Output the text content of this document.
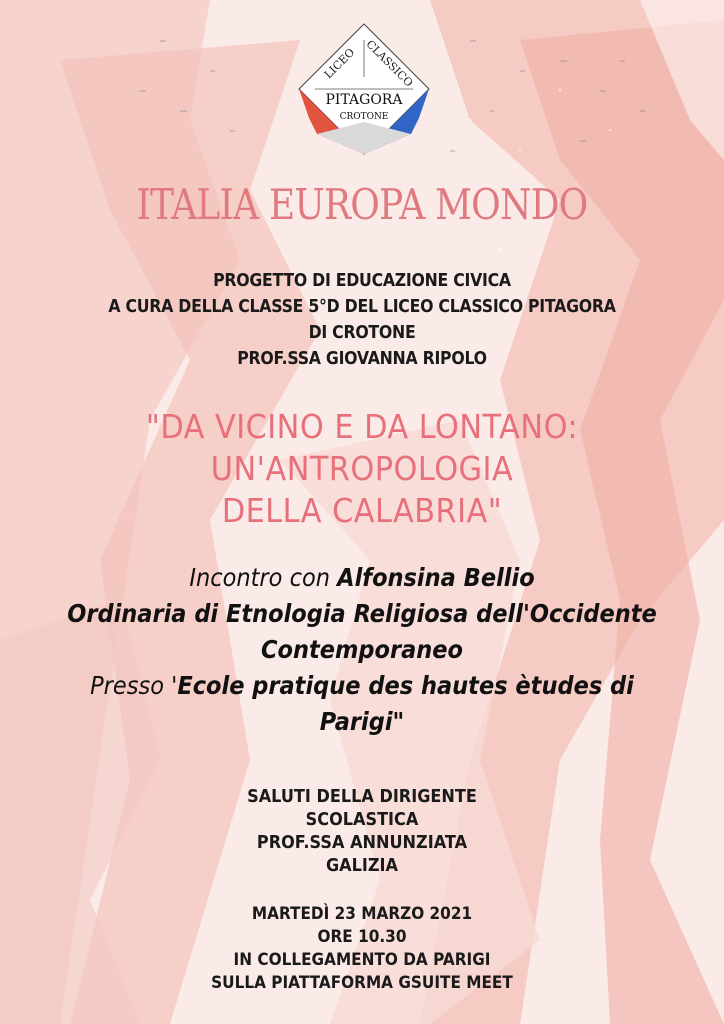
LICEO CLASSICO
PITAGORA
CROTONE
ITALIA EUROPA MONDO
PROGETTO DI EDUCAZIONE CIVICA
A CURA DELLA CLASSE 5°D DEL LICEO CLASSICO PITAGORA
DI CROTONE
PROF.SSA GIOVANNA RIPOLO
"DA VICINO E DA LONTANO:
UN'ANTROPOLOGIA
DELLA CALABRIA"
Incontro con Alfonsina Bellio
Ordinaria di Etnologia Religiosa dell'Occidente
Contemporaneo
Presso 'Ecole pratique des hautes ètudes di
Parigi"
SALUTI DELLA DIRIGENTE
SCOLASTICA
PROF.SSA ANNUNZIATA
GALIZIA
MARTEDÌ 23 MARZO 2021
ORE 10.30
IN COLLEGAMENTO DA PARIGI
SULLA PIATTAFORMA GSUITE MEET
